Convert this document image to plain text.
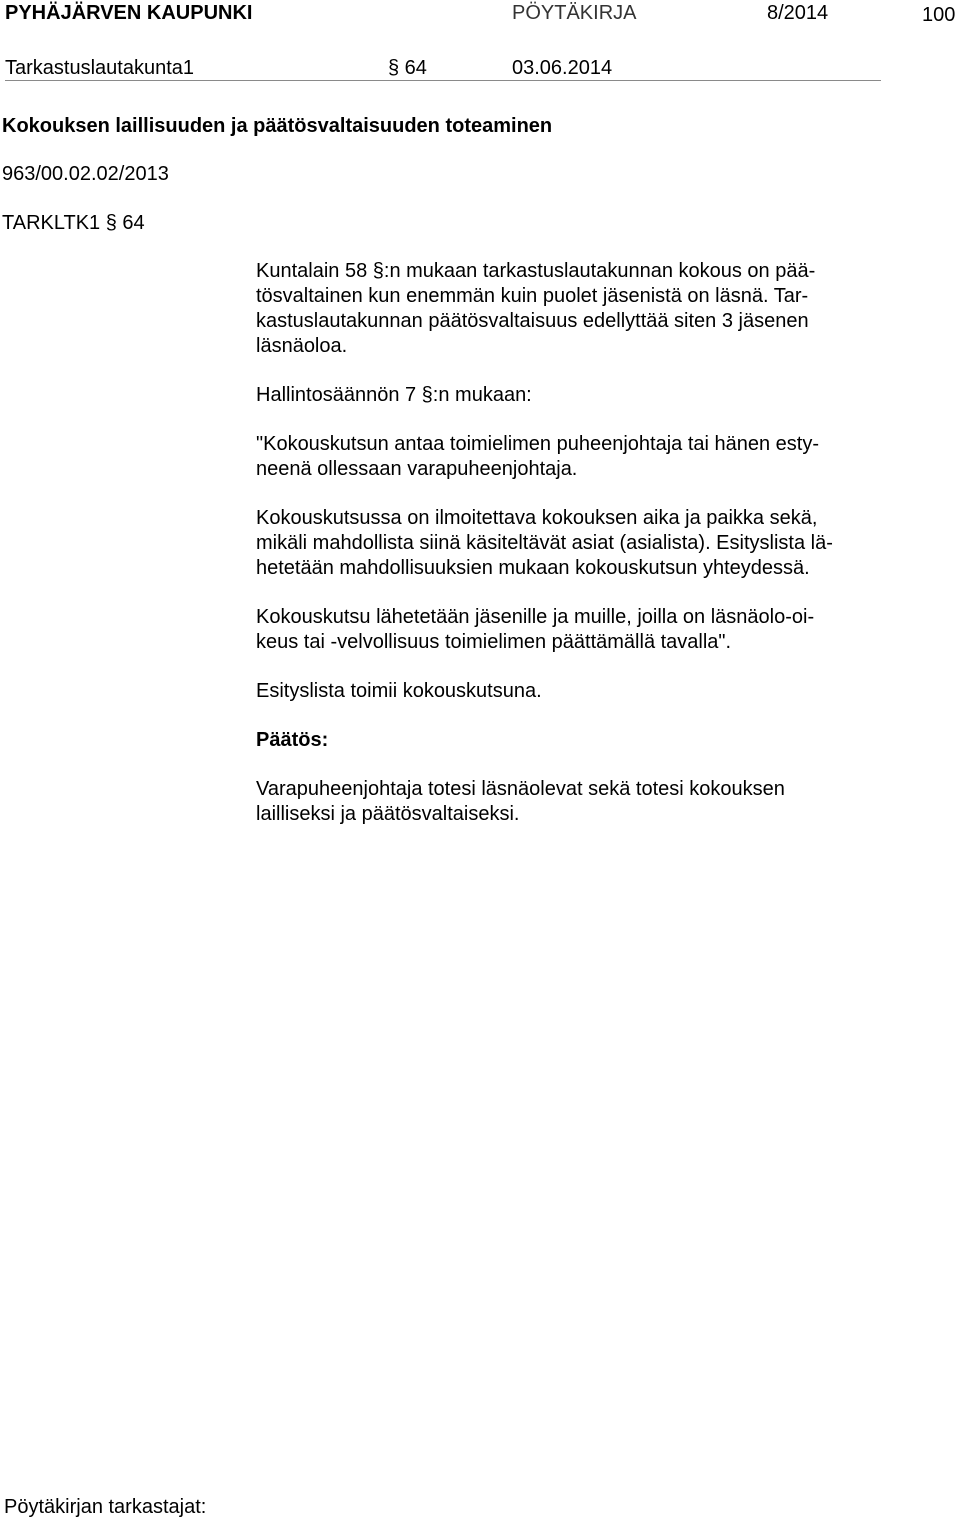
PYHÄJÄRVEN KAUPUNKI	PÖYTÄKIRJA	8/2014	100
Tarkastuslautakunta1	§ 64	03.06.2014
Kokouksen laillisuuden ja päätösvaltaisuuden toteaminen
963/00.02.02/2013
TARKLTK1 § 64

Kuntalain 58 §:n mukaan tarkastuslautakunnan kokous on pää-
tösvaltainen kun enemmän kuin puolet jäsenistä on läsnä. Tar-
kastuslautakunnan päätösvaltaisuus edellyttää siten 3 jäsenen
läsnäoloa.

Hallintosäännön 7 §:n mukaan:

"Kokouskutsun antaa toimielimen puheenjohtaja tai hänen esty-
neenä ollessaan varapuheenjohtaja.

Kokouskutsussa on ilmoitettava kokouksen aika ja paikka sekä,
mikäli mahdollista siinä käsiteltävät asiat (asialista). Esityslista lä-
hetetään mahdollisuuksien mukaan kokouskutsun yhteydessä.

Kokouskutsu lähetetään jäsenille ja muille, joilla on läsnäolo-oi-
keus tai -velvollisuus toimielimen päättämällä tavalla".

Esityslista toimii kokouskutsuna.

Päätös:

Varapuheenjohtaja totesi läsnäolevat sekä totesi kokouksen
lailliseksi ja päätösvaltaiseksi.

Pöytäkirjan tarkastajat:
